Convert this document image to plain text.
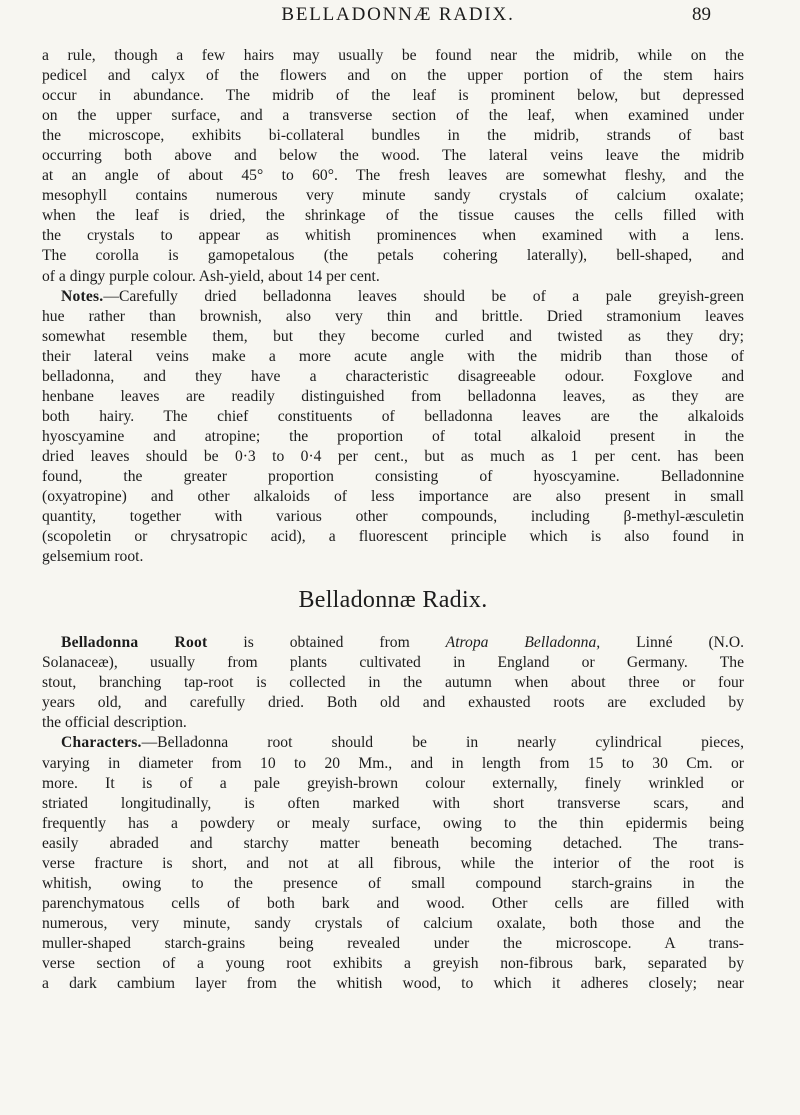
BELLADONNÆ RADIX.	89
a rule, though a few hairs may usually be found near the midrib, while on the
pedicel and calyx of the flowers and on the upper portion of the stem hairs
occur in abundance. The midrib of the leaf is prominent below, but depressed
on the upper surface, and a transverse section of the leaf, when examined under
the microscope, exhibits bi-collateral bundles in the midrib, strands of bast
occurring both above and below the wood. The lateral veins leave the midrib
at an angle of about 45° to 60°. The fresh leaves are somewhat fleshy, and the
mesophyll contains numerous very minute sandy crystals of calcium oxalate;
when the leaf is dried, the shrinkage of the tissue causes the cells filled with
the crystals to appear as whitish prominences when examined with a lens.
The corolla is gamopetalous (the petals cohering laterally), bell-shaped, and
of a dingy purple colour. Ash-yield, about 14 per cent.
Notes.—Carefully dried belladonna leaves should be of a pale greyish-green
hue rather than brownish, also very thin and brittle. Dried stramonium leaves
somewhat resemble them, but they become curled and twisted as they dry;
their lateral veins make a more acute angle with the midrib than those of
belladonna, and they have a characteristic disagreeable odour. Foxglove and
henbane leaves are readily distinguished from belladonna leaves, as they are
both hairy. The chief constituents of belladonna leaves are the alkaloids
hyoscyamine and atropine; the proportion of total alkaloid present in the
dried leaves should be 0·3 to 0·4 per cent., but as much as 1 per cent. has been
found, the greater proportion consisting of hyoscyamine. Belladonnine
(oxyatropine) and other alkaloids of less importance are also present in small
quantity, together with various other compounds, including β-methyl-æsculetin
(scopoletin or chrysatropic acid), a fluorescent principle which is also found in
gelsemium root.
Belladonnæ Radix.
Belladonna Root is obtained from Atropa Belladonna, Linné (N.O.
Solanaceæ), usually from plants cultivated in England or Germany. The
stout, branching tap-root is collected in the autumn when about three or four
years old, and carefully dried. Both old and exhausted roots are excluded by
the official description.
Characters.—Belladonna root should be in nearly cylindrical pieces,
varying in diameter from 10 to 20 Mm., and in length from 15 to 30 Cm. or
more. It is of a pale greyish-brown colour externally, finely wrinkled or
striated longitudinally, is often marked with short transverse scars, and
frequently has a powdery or mealy surface, owing to the thin epidermis being
easily abraded and starchy matter beneath becoming detached. The trans-
verse fracture is short, and not at all fibrous, while the interior of the root is
whitish, owing to the presence of small compound starch-grains in the
parenchymatous cells of both bark and wood. Other cells are filled with
numerous, very minute, sandy crystals of calcium oxalate, both those and the
muller-shaped starch-grains being revealed under the microscope. A trans-
verse section of a young root exhibits a greyish non-fibrous bark, separated by
a dark cambium layer from the whitish wood, to which it adheres closely; near
